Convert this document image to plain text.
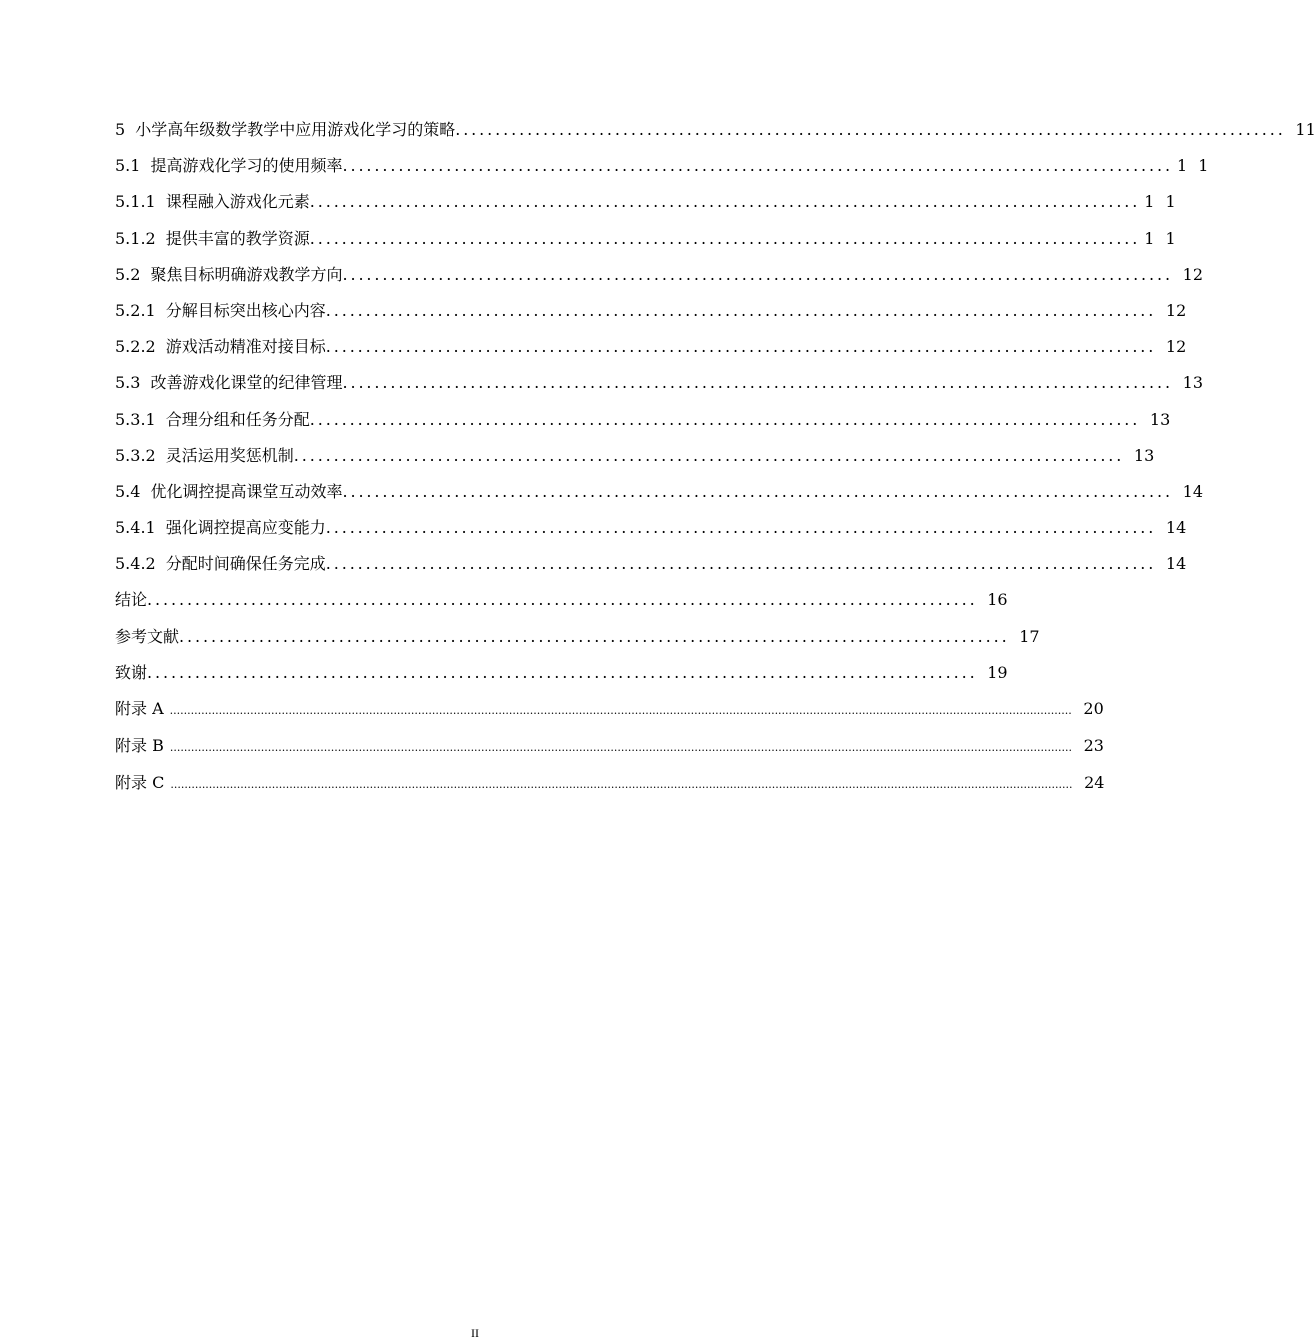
5 小学高年级数学教学中应用游戏化学习的策略 ........................................................................................................ 11
5.1 提高游戏化学习的使用频率 ........................................................................................................ 1 1
5.1.1 课程融入游戏化元素 ........................................................................................................ 1 1
5.1.2 提供丰富的教学资源 ........................................................................................................ 1 1
5.2 聚焦目标明确游戏教学方向 ........................................................................................................ 12
5.2.1 分解目标突出核心内容 ........................................................................................................ 12
5.2.2 游戏活动精准对接目标 ........................................................................................................ 12
5.3 改善游戏化课堂的纪律管理 ........................................................................................................ 13
5.3.1 合理分组和任务分配 ........................................................................................................ 13
5.3.2 灵活运用奖惩机制 ........................................................................................................ 13
5.4 优化调控提高课堂互动效率 ........................................................................................................ 14
5.4.1 强化调控提高应变能力 ........................................................................................................ 14
5.4.2 分配时间确保任务完成 ........................................................................................................ 14
结论 ........................................................................................................ 16
参考文献 ........................................................................................................ 17
致谢 ........................................................................................................ 19
附录 A .................................................................................................................................................................................................................................................................. 20
附录 B .................................................................................................................................................................................................................................................................. 23
附录 C .................................................................................................................................................................................................................................................................. 24
II
